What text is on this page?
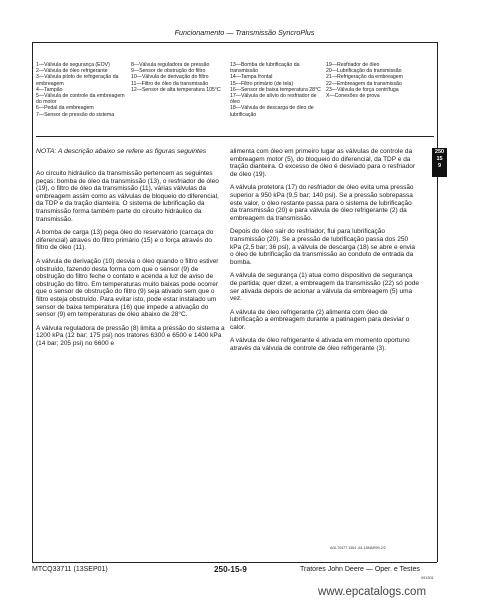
Funcionamento — Transmissão SyncroPlus
1—Válvula de segurança (EOV)
2—Válvula de óleo refrigerante
3—Válvula piloto de refrigeração da embreagem
4—Tampão
5—Válvula de controle da embreagem do motor
6—Pedal da embreagem
7—Sensor de pressão do sistema
8—Válvula reguladora de pressão
9—Sensor de obstrução do filtro
10—Válvula de derivação do filtro
11—Filtro de óleo da transmissão
12—Sensor de alta temperatura 105°C
13—Bomba de lubrificação da transmissão
14—Tampa frontal
15—Filtro primário (de tela)
16—Sensor de baixa temperatura 28°C
17—Válvula de alívio do resfriador de óleo
18—Válvula de descarga de óleo de lubrificação
19—Resfriador de óleo
20—Lubrificação da transmissão
21—Refrigeração da embreagem
22—Embreagem da transmissão
23—Válvula de força centrífuga
X—Conexões de prova
NOTA: A descrição abaixo se refere as figuras seguintes

Ao circuito hidráulico da transmissão pertencem as seguintes peças: bomba de óleo da transmissão (13), o resfriador de óleo (19), o filtro de óleo da transmissão (11), várias válvulas da embreagem assim como as válvulas de bloqueio do diferencial, da TDP e da tração dianteira. O sistema de lubrificação da transmissão forma também parte do circuito hidráulico da transmissão.

A bomba de carga (13) pega óleo do reservatório (carcaça do diferencial) através do filtro primário (15) e o força através do filtro de óleo (11).

A válvula de derivação (10) desvia o óleo quando o filtro estiver obstruído, fazendo desta forma com que o sensor (9) de obstrução do filtro feche o contato e acenda a luz de aviso de obstrução do filtro. Em temperaturas muito baixas pode ocorrer que o sensor de obstrução do filtro (9) seja ativado sem que o filtro esteja obstruído. Para evitar isto, pode estar instalado um sensor de baixa temperatura (16) que impede a ativação do sensor (9) em temperaturas de óleo abaixo de 28°C.

A válvula reguladora de pressão (8) limita a pressão do sistema a 1200 kPa (12 bar; 175 psi) nos tratores 6300 e 6500 e 1400 kPa (14 bar; 205 psi) no 6600 e

alimenta com óleo em primeiro lugar as válvulas de controle da embreagem motor (5), do bloqueio do diferencial, da TDP e da tração dianteira. O excesso de óleo é desviado para o resfriador de óleo (19).

A válvula protetora (17) do resfriador de óleo evita uma pressão superior a 950 kPa (9,5 bar; 140 psi). Se a pressão sobrepassa este valor, o óleo restante passa para o sistema de lubrificação da transmissão (20) e para válvula de óleo refrigerante (2) da embreagem da transmissão.

Depois do óleo sair do resfriador, flui para lubrificação transmissão (20). Se a pressão de lubrificação passa dos 250 kPa (2,5 bar; 36 psi), a válvula de descarga (18) se abre e envia o óleo de lubrificação da transmissão ao conduto de entrada da bomba.

A válvula de segurança (1) atua como dispositivo de segurança de partida; quer dizer, a embreagem da transmissão (22) só pode ser ativada depois de acionar a válvula da embreagem (5) uma vez.

A válvula de óleo refrigerante (2) alimenta com óleo de lubrificação a embreagem durante a patinagem para desviar o calor.

A válvula de óleo refrigerante é ativada em momento oportuno através da válvula de controle de óleo refrigerante (3).

250
15
9
AGL70477 1354 -54-18MAR99-2/2
MTCQ33711 (13SEP01)	250-15-9	Tratores John Deere — Oper. e Testes
091301
www.epcatalogs.com
